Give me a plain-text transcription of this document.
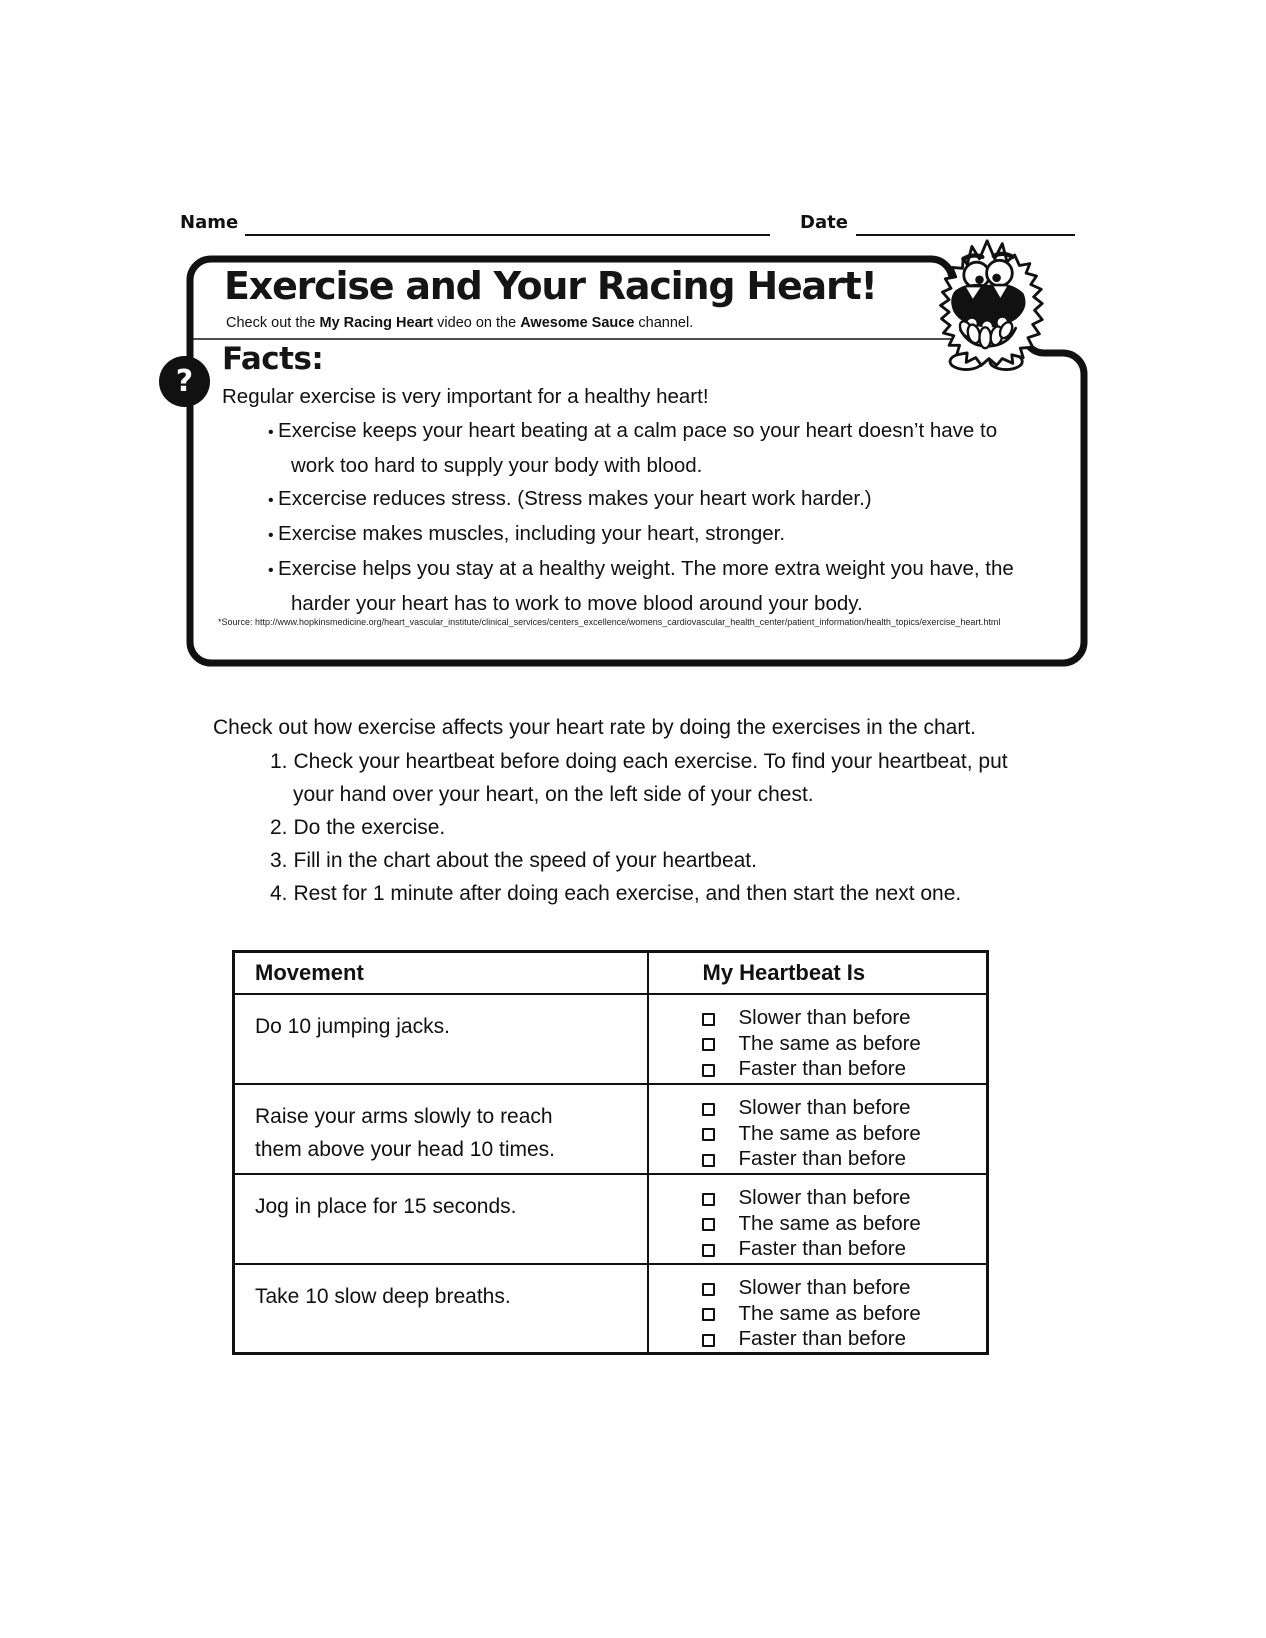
Name	Date
Exercise and Your Racing Heart!
Check out the My Racing Heart video on the Awesome Sauce channel.
?
Facts:
Regular exercise is very important for a healthy heart!
• Exercise keeps your heart beating at a calm pace so your heart doesn’t have to work too hard to supply your body with blood.
• Excercise reduces stress. (Stress makes your heart work harder.)
• Exercise makes muscles, including your heart, stronger.
• Exercise helps you stay at a healthy weight. The more extra weight you have, the harder your heart has to work to move blood around your body.
*Source: http://www.hopkinsmedicine.org/heart_vascular_institute/clinical_services/centers_excellence/womens_cardiovascular_health_center/patient_information/health_topics/exercise_heart.html
Check out how exercise affects your heart rate by doing the exercises in the chart.
1. Check your heartbeat before doing each exercise. To find your heartbeat, put your hand over your heart, on the left side of your chest.
2. Do the exercise.
3. Fill in the chart about the speed of your heartbeat.
4. Rest for 1 minute after doing each exercise, and then start the next one.
Movement	My Heartbeat Is

Do 10 jumping jacks.	Slower than before
The same as before
Faster than before

Raise your arms slowly to reach them above your head 10 times.	Slower than before
The same as before
Faster than before

Jog in place for 15 seconds.	Slower than before
The same as before
Faster than before

Take 10 slow deep breaths.	Slower than before
The same as before
Faster than before
